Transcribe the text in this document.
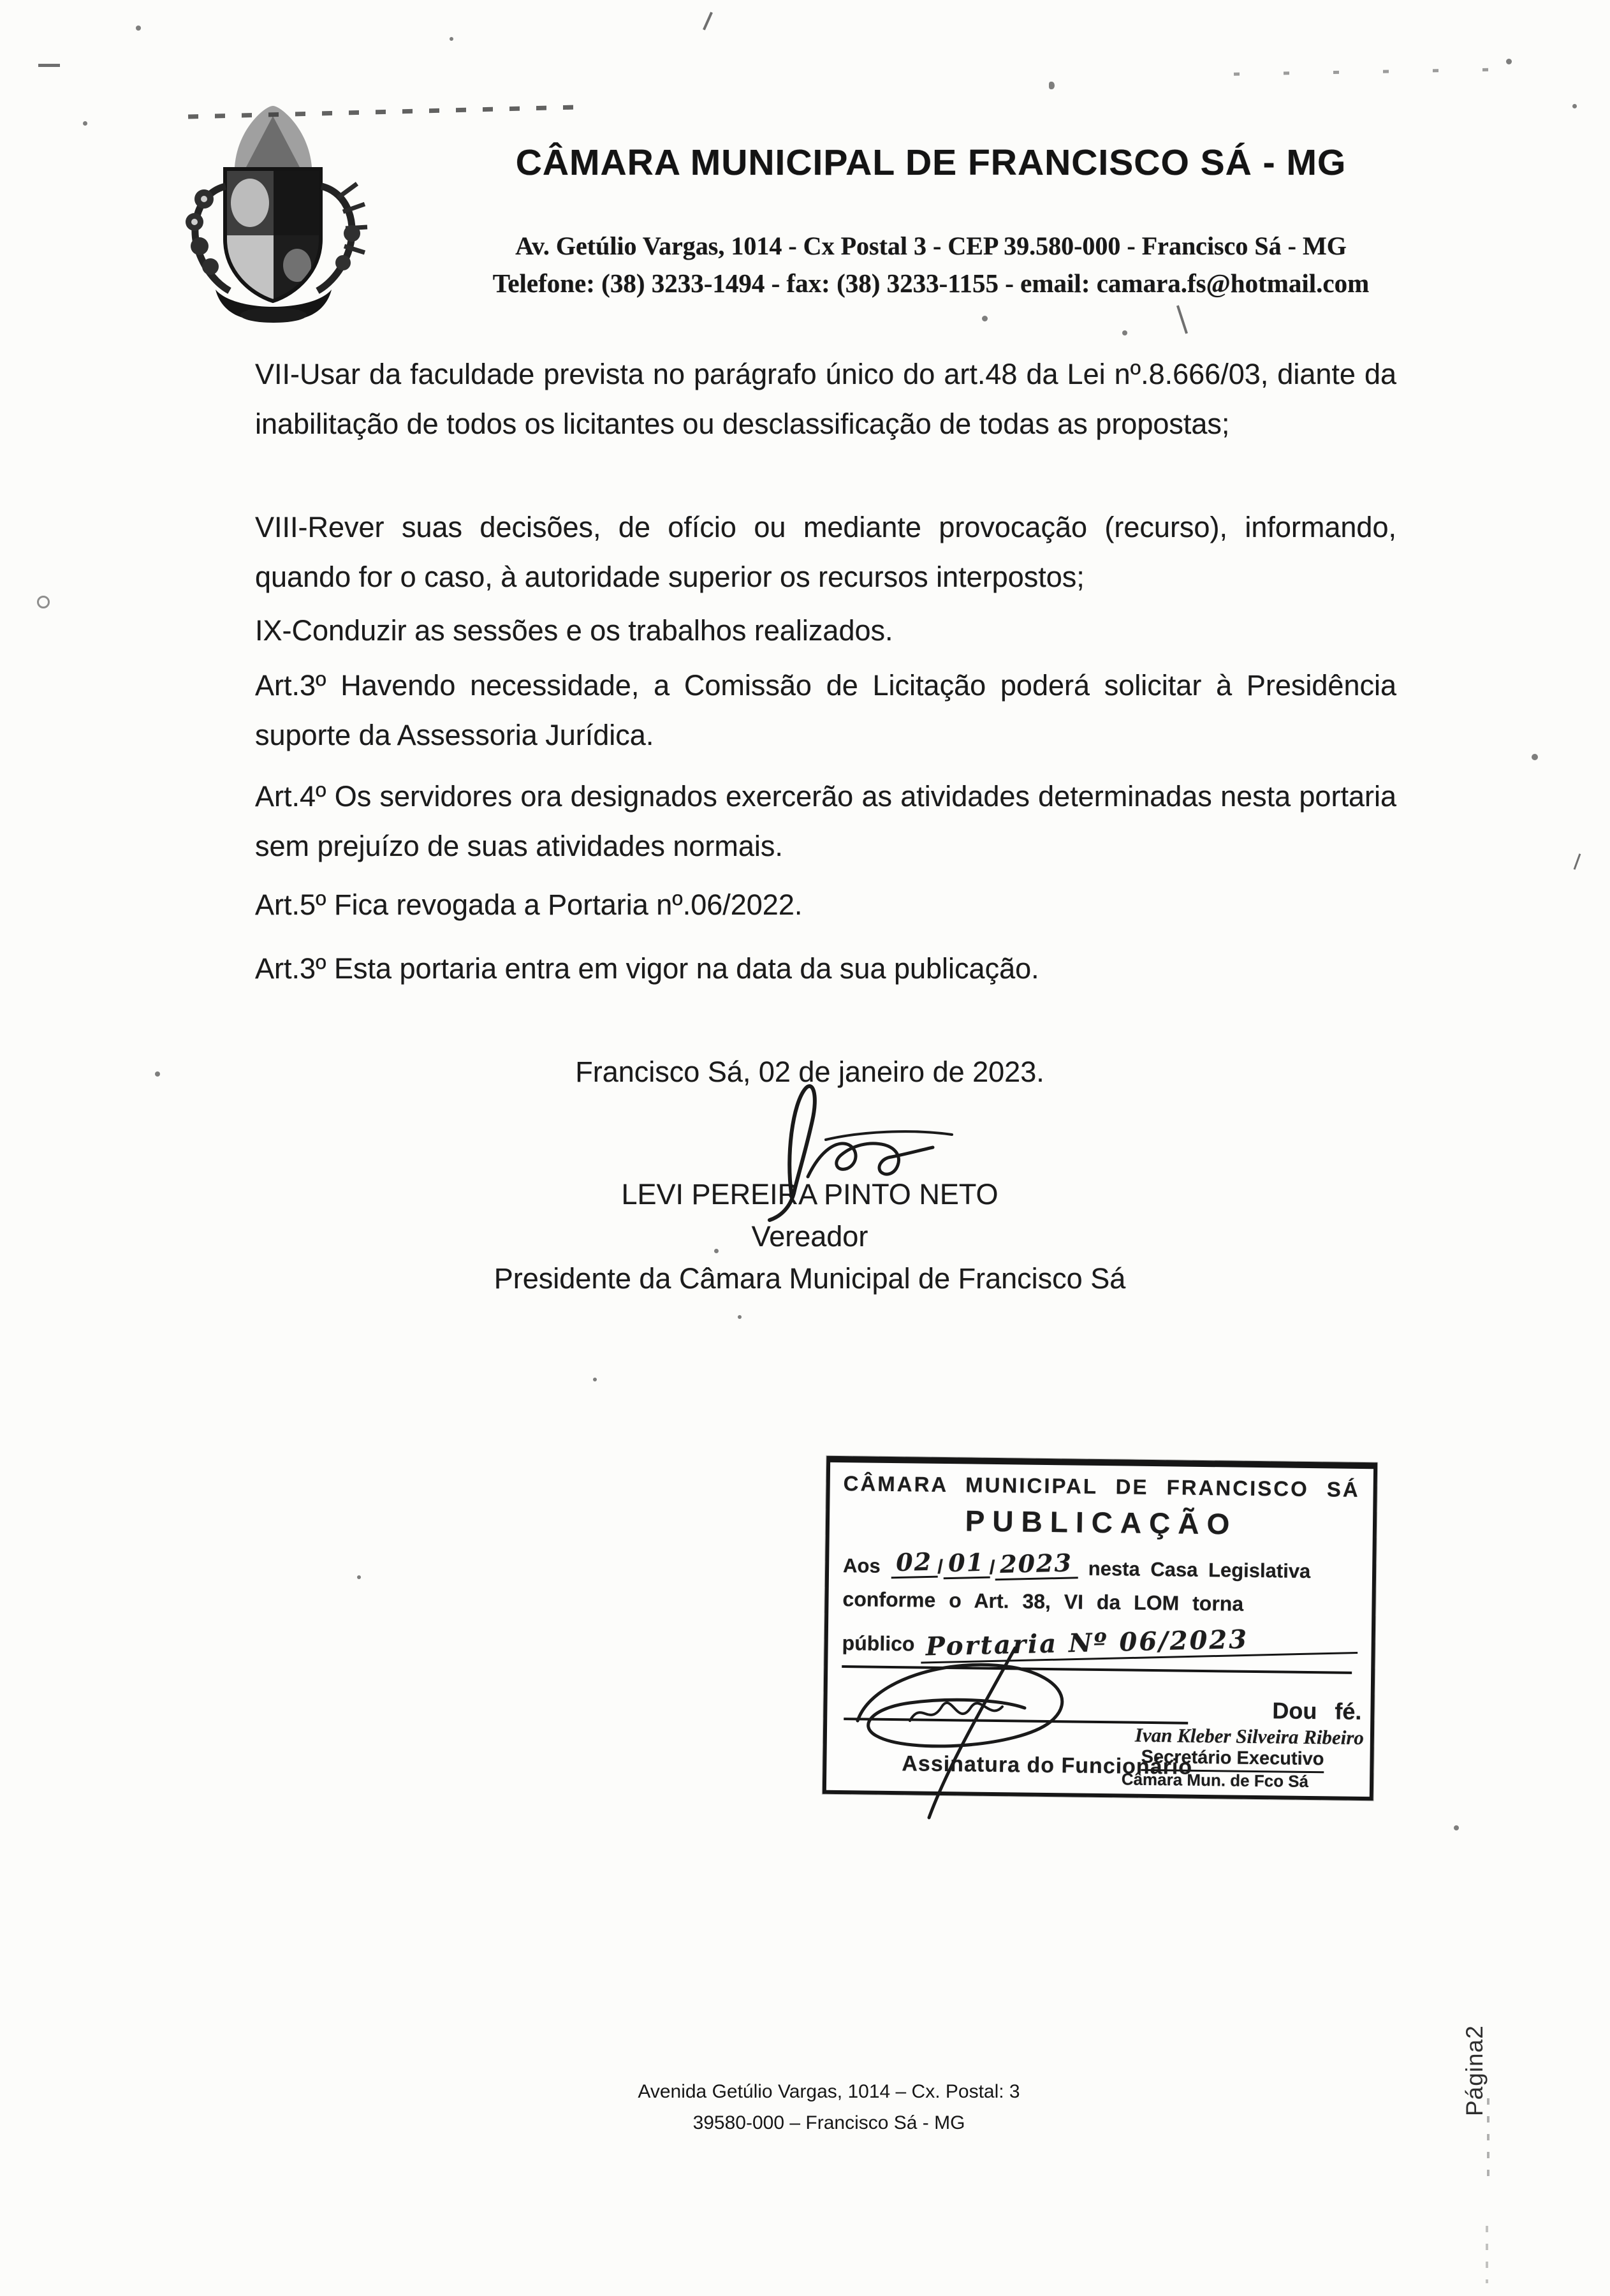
CÂMARA MUNICIPAL DE FRANCISCO SÁ - MG
Av. Getúlio Vargas, 1014 - Cx Postal 3 - CEP 39.580-000 - Francisco Sá - MG
Telefone: (38) 3233-1494 - fax: (38) 3233-1155 - email: camara.fs@hotmail.com

VII-Usar da faculdade prevista no parágrafo único do art.48 da Lei nº.8.666/03, diante da inabilitação de todos os licitantes ou desclassificação de todas as propostas;

VIII-Rever suas decisões, de ofício ou mediante provocação (recurso), informando, quando for o caso, à autoridade superior os recursos interpostos;

IX-Conduzir as sessões e os trabalhos realizados.

Art.3º Havendo necessidade, a Comissão de Licitação poderá solicitar à Presidência suporte da Assessoria Jurídica.

Art.4º Os servidores ora designados exercerão as atividades determinadas nesta portaria sem prejuízo de suas atividades normais.

Art.5º Fica revogada a Portaria nº.06/2022.

Art.3º Esta portaria entra em vigor na data da sua publicação.

Francisco Sá, 02 de janeiro de 2023.
LEVI PEREIRA PINTO NETO
Vereador
Presidente da Câmara Municipal de Francisco Sá
CÂMARA MUNICIPAL DE FRANCISCO SÁ
PUBLICAÇÃO
Aos
02 / 01 / 2023
nesta Casa Legislativa
conforme o Art. 38, VI da LOM torna
público
Portaria Nº 06/2023
Dou fé.
Ivan Kleber Silveira Ribeiro
Secretário Executivo
Câmara Mun. de Fco Sá
Assinatura do Funcionário
Avenida Getúlio Vargas, 1014 – Cx. Postal: 3
39580-000 – Francisco Sá - MG
Página2
